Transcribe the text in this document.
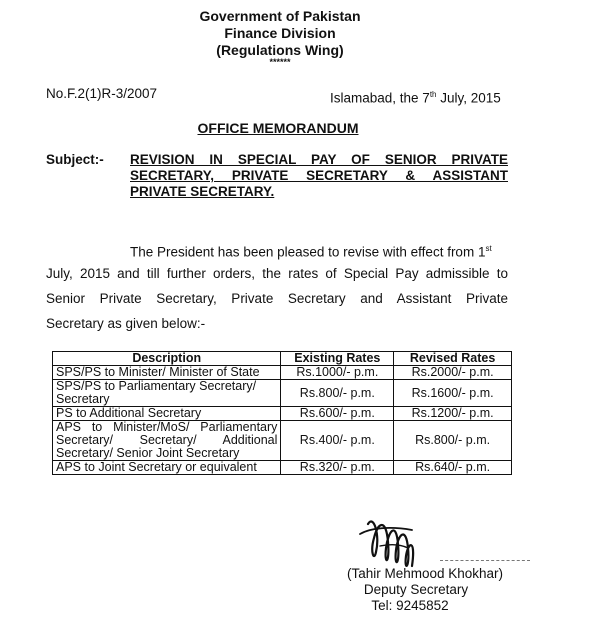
Government of Pakistan
Finance Division
(Regulations Wing)
******
No.F.2(1)R-3/2007	Islamabad, the 7th July, 2015
OFFICE MEMORANDUM
Subject:- REVISION IN SPECIAL PAY OF SENIOR PRIVATE
SECRETARY, PRIVATE SECRETARY & ASSISTANT
PRIVATE SECRETARY.
The President has been pleased to revise with effect from 1st
July, 2015 and till further orders, the rates of Special Pay admissible to
Senior Private Secretary, Private Secretary and Assistant Private
Secretary as given below:-
Description	Existing Rates	Revised Rates
SPS/PS to Minister/ Minister of State	Rs.1000/- p.m.	Rs.2000/- p.m.
SPS/PS to Parliamentary Secretary/ Secretary	Rs.800/- p.m.	Rs.1600/- p.m.
PS to Additional Secretary	Rs.600/- p.m.	Rs.1200/- p.m.
APS to Minister/MoS/ Parliamentary Secretary/ Secretary/ Additional Secretary/ Senior Joint Secretary	Rs.400/- p.m.	Rs.800/- p.m.
APS to Joint Secretary or equivalent	Rs.320/- p.m.	Rs.640/- p.m.
(Tahir Mehmood Khokhar)
Deputy Secretary
Tel: 9245852
